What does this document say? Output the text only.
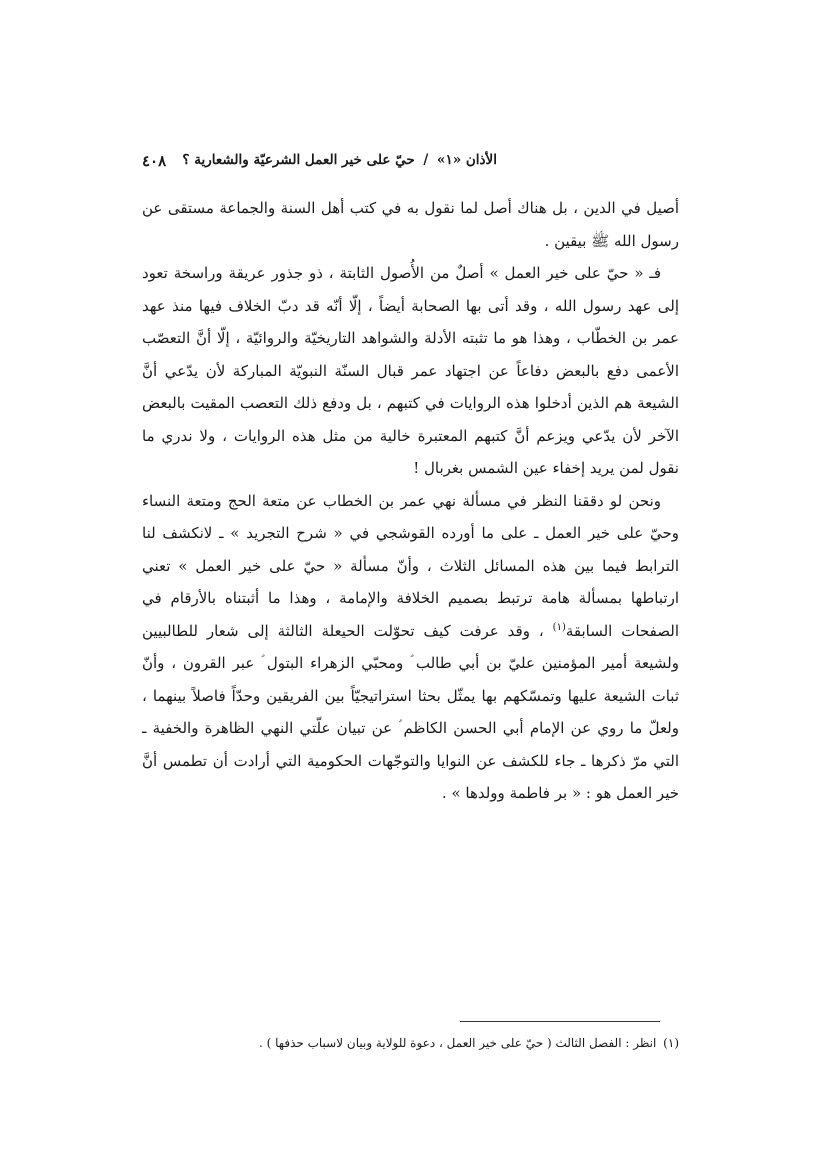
٤٠٨	الأذان «١» / حيّ على خير العمل الشرعيّة والشعارية ؟

أصيل في الدين ، بل هناك أصل لما نقول به في كتب أهل السنة والجماعة مستقى عن رسول الله ﷺ بيقين .

فـ « حيّ على خير العمل » أصلٌ من الأُصول الثابتة ، ذو جذور عريقة وراسخة تعود إلى عهد رسول الله ، وقد أتى بها الصحابة أيضاً ، إلّا أنّه قد دبّ الخلاف فيها منذ عهد عمر بن الخطّاب ، وهذا هو ما تثبته الأدلة والشواهد التاريخيّة والروائيّة ، إلّا أنَّ التعصّب الأعمى دفع بالبعض دفاعاً عن اجتهاد عمر قبال السنّة النبويّة المباركة لأن يدّعي أنَّ الشيعة هم الذين أدخلوا هذه الروايات في كتبهم ، بل ودفع ذلك التعصب المقيت بالبعض الآخر لأن يدّعي ويزعم أنَّ كتبهم المعتبرة خالية من مثل هذه الروايات ، ولا ندري ما نقول لمن يريد إخفاء عين الشمس بغربال !

ونحن لو دققنا النظر في مسألة نهي عمر بن الخطاب عن متعة الحج ومتعة النساء وحيّ على خير العمل ـ على ما أورده القوشجي في « شرح التجريد » ـ لانكشف لنا الترابط فيما بين هذه المسائل الثلاث ، وأنّ مسألة « حيّ على خير العمل » تعني ارتباطها بمسألة هامة ترتبط بصميم الخلافة والإمامة ، وهذا ما أثبتناه بالأرقام في الصفحات السابقة$^{(١)}$ ، وقد عرفت كيف تحوّلت الحيعلة الثالثة إلى شعار للطالبيين ولشيعة أمير المؤمنين عليّ بن أبي طالب ؑ ومحبّي الزهراء البتول ؑ عبر القرون ، وأنّ ثبات الشيعة عليها وتمسّكهم بها يمثّل بحثا استراتيجيّاً بين الفريقين وحدّاً فاصلاً بينهما ، ولعلّ ما روي عن الإمام أبي الحسن الكاظم ؑ عن تبيان علّتي النهي الظاهرة والخفية ـ التي مرّ ذكرها ـ جاء للكشف عن النوايا والتوجّهات الحكومية التي أرادت أن تطمس أنَّ خير العمل هو : « بر فاطمة وولدها » .

(١) انظر : الفصل الثالث ( حيّ على خير العمل ، دعوة للولاية وبيان لاسباب حذفها ) .
